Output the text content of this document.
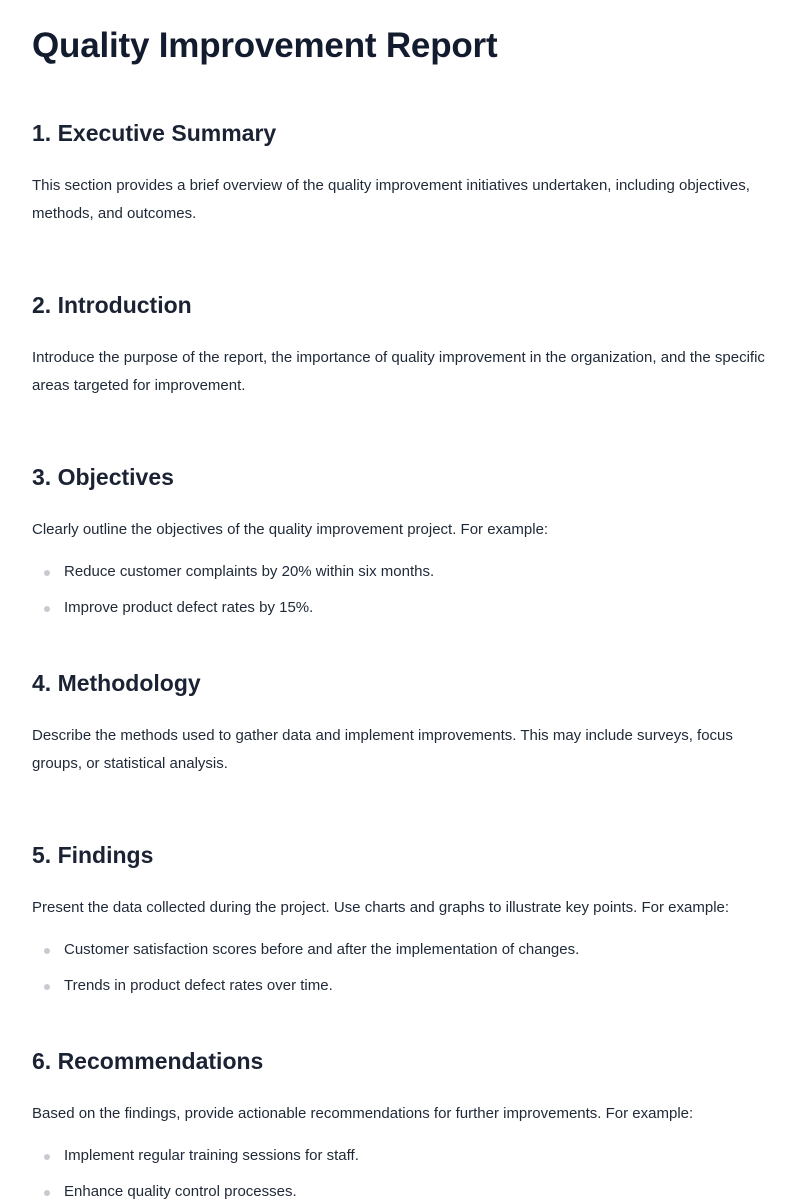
Quality Improvement Report
1. Executive Summary

This section provides a brief overview of the quality improvement initiatives undertaken, including objectives, methods, and outcomes.

2. Introduction

Introduce the purpose of the report, the importance of quality improvement in the organization, and the specific areas targeted for improvement.

3. Objectives

Clearly outline the objectives of the quality improvement project. For example:

Reduce customer complaints by 20% within six months.
Improve product defect rates by 15%.
4. Methodology

Describe the methods used to gather data and implement improvements. This may include surveys, focus groups, or statistical analysis.

5. Findings

Present the data collected during the project. Use charts and graphs to illustrate key points. For example:

Customer satisfaction scores before and after the implementation of changes.
Trends in product defect rates over time.
6. Recommendations

Based on the findings, provide actionable recommendations for further improvements. For example:

Implement regular training sessions for staff.
Enhance quality control processes.
